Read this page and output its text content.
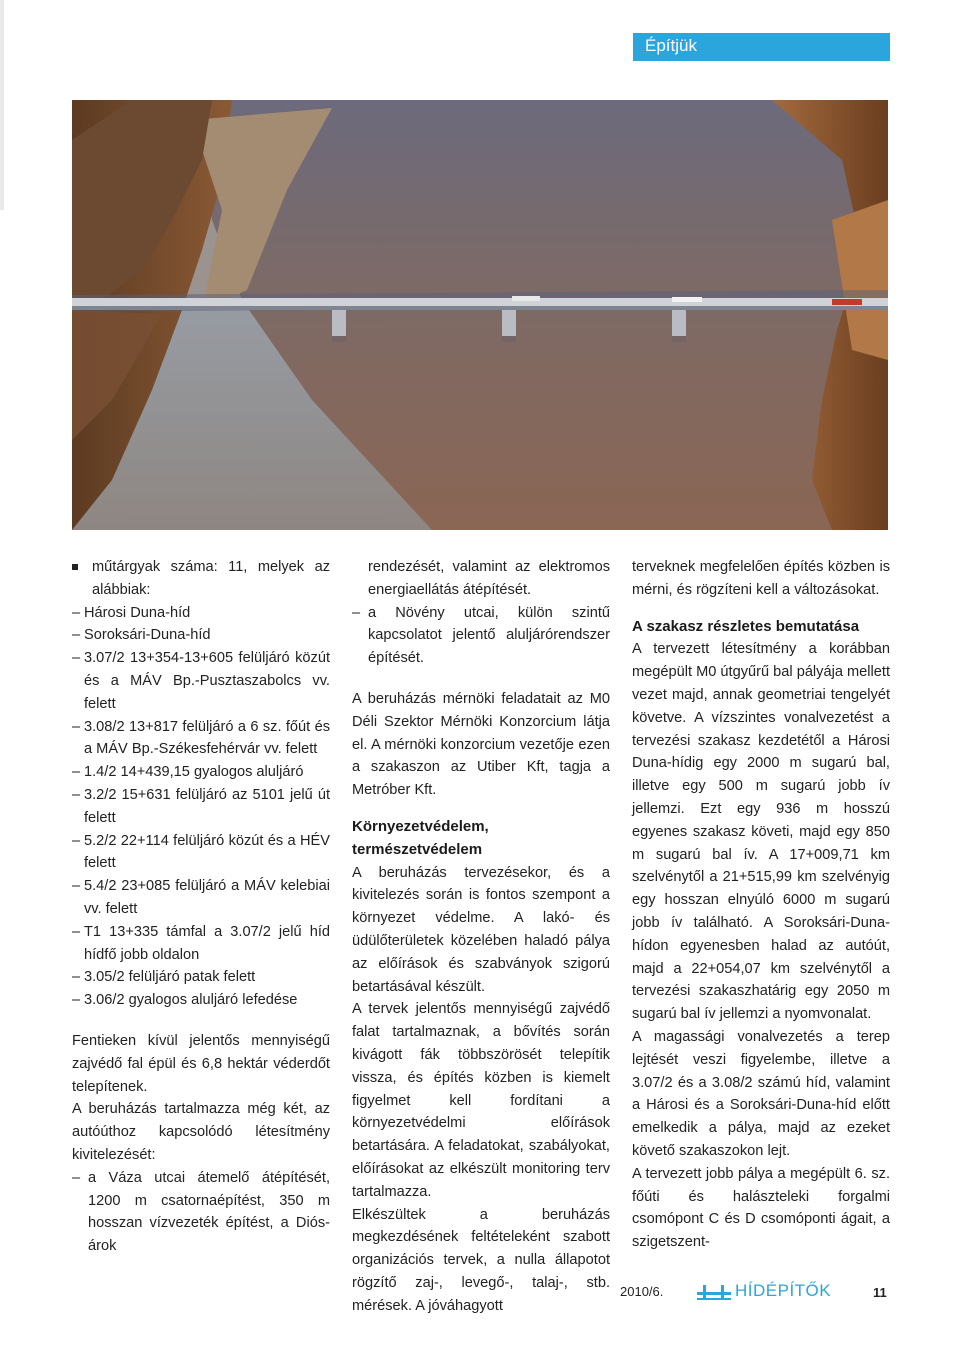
Építjük

műtárgyak száma: 11, melyek az alábbiak:

– Hárosi Duna-híd

– Soroksári-Duna-híd

– 3.07/2 13+354-13+605 felüljáró közút és a MÁV Bp.-Pusztaszabolcs vv. felett

– 3.08/2 13+817 felüljáró a 6 sz. főút és a MÁV Bp.-Székesfehérvár vv. felett

– 1.4/2 14+439,15 gyalogos aluljáró

– 3.2/2 15+631 felüljáró az 5101 jelű út felett

– 5.2/2 22+114 felüljáró közút és a HÉV felett

– 5.4/2 23+085 felüljáró a MÁV kelebiai vv. felett

– T1 13+335 támfal a 3.07/2 jelű híd hídfő jobb oldalon

– 3.05/2 felüljáró patak felett

– 3.06/2 gyalogos aluljáró lefedése

Fentieken kívül jelentős mennyiségű zajvédő fal épül és 6,8 hektár véderdőt telepítenek.

A beruházás tartalmazza még két, az autóúthoz kapcsolódó létesítmény kivitelezését:

– a Váza utcai átemelő átépítését, 1200 m csatornaépítést, 350 m hosszan vízvezeték építést, a Diós-árok

rendezését, valamint az elektromos energiaellátás átépítését.

– a Növény utcai, külön szintű kapcsolatot jelentő aluljárórendszer építését.

A beruházás mérnöki feladatait az M0 Déli Szektor Mérnöki Konzorcium látja el. A mérnöki konzorcium vezetője ezen a szakaszon az Utiber Kft, tagja a Metróber Kft.

Környezetvédelem, természetvédelem

A beruházás tervezésekor, és a kivitelezés során is fontos szempont a környezet védelme. A lakó- és üdülőterületek közelében haladó pálya az előírások és szabványok szigorú betartásával készült.

A tervek jelentős mennyiségű zajvédő falat tartalmaznak, a bővítés során kivágott fák többszörösét telepítik vissza, és építés közben is kiemelt figyelmet kell fordítani a környezetvédelmi előírások betartására. A feladatokat, szabályokat, előírásokat az elkészült monitoring terv tartalmazza.

Elkészültek a beruházás megkezdésének feltételeként szabott organizációs tervek, a nulla állapotot rögzítő zaj-, levegő-, talaj-, stb. mérések. A jóváhagyott

terveknek megfelelően építés közben is mérni, és rögzíteni kell a változásokat.

A szakasz részletes bemutatása

A tervezett létesítmény a korábban megépült M0 útgyűrű bal pályája mellett vezet majd, annak geometriai tengelyét követve. A vízszintes vonalvezetést a tervezési szakasz kezdetétől a Hárosi Duna-hídig egy 2000 m sugarú bal, illetve egy 500 m sugarú jobb ív jellemzi. Ezt egy 936 m hosszú egyenes szakasz követi, majd egy 850 m sugarú bal ív. A 17+009,71 km szelvénytől a 21+515,99 km szelvényig egy hosszan elnyúló 6000 m sugarú jobb ív található. A Soroksári-Duna-hídon egyenesben halad az autóút, majd a 22+054,07 km szelvénytől a tervezési szakaszhatárig egy 2050 m sugarú bal ív jellemzi a nyomvonalat.

A magassági vonalvezetés a terep lejtését veszi figyelembe, illetve a 3.07/2 és a 3.08/2 számú híd, valamint a Hárosi és a Soroksári-Duna-híd előtt emelkedik a pálya, majd az ezeket követő szakaszokon lejt.

A tervezett jobb pálya a megépült 6. sz. főúti és halászteleki forgalmi csomópont C és D csomóponti ágait, a szigetszent-

2010/6.	HÍDÉPÍTŐK	11
